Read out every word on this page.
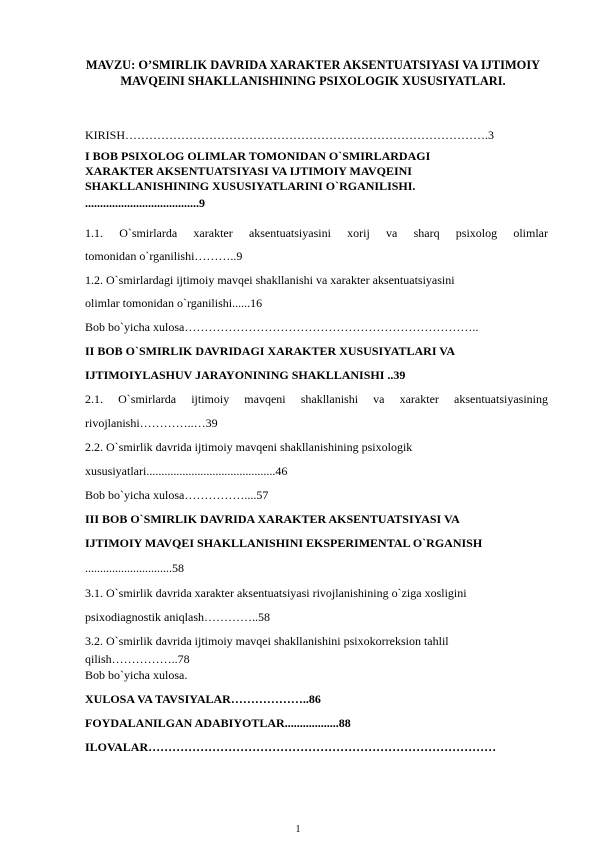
MAVZU: O’SMIRLIK DAVRIDA XARAKTER AKSENTUATSIYASI VA IJTIMOIY MAVQEINI SHAKLLANISHINING PSIXOLOGIK XUSUSIYATLARI.
KIRISH……………………………………………………………………………….3
I BOB PSIXOLOG OLIMLAR TOMONIDAN O`SMIRLARDAGI
XARAKTER AKSENTUATSIYASI VA IJTIMOIY MAVQEINI
SHAKLLANISHINING XUSUSIYATLARINI O`RGANILISHI.
......................................9
1.1. O`smirlarda xarakter aksentuatsiyasini xorij va sharq psixolog olimlar
tomonidan o`rganilishi………..9
1.2. O`smirlardagi ijtimoiy mavqei shakllanishi va xarakter aksentuatsiyasini
olimlar tomonidan o`rganilishi......16
Bob bo`yicha xulosa………………………………………………………………..
II BOB O`SMIRLIK DAVRIDAGI XARAKTER XUSUSIYATLARI VA
IJTIMOIYLASHUV JARAYONINING SHAKLLANISHI ..39
2.1. O`smirlarda ijtimoiy mavqeni shakllanishi va xarakter aksentuatsiyasining
rivojlanishi…………..…39
2.2. O`smirlik davrida ijtimoiy mavqeni shakllanishining psixologik
xususiyatlari...........................................46
Bob bo`yicha xulosa……………....57
III BOB O`SMIRLIK DAVRIDA XARAKTER AKSENTUATSIYASI VA
IJTIMOIY MAVQEI SHAKLLANISHINI EKSPERIMENTAL O`RGANISH
.............................58
3.1. O`smirlik davrida xarakter aksentuatsiyasi rivojlanishining o`ziga xosligini
psixodiagnostik aniqlash…………..58
3.2. O`smirlik davrida ijtimoiy mavqei shakllanishini psixokorreksion tahlil
qilish……………..78
Bob bo`yicha xulosa.
XULOSA VA TAVSIYALAR………………..86
FOYDALANILGAN ADABIYOTLAR..................88
ILOVALAR……………………………………………………………………………
1
